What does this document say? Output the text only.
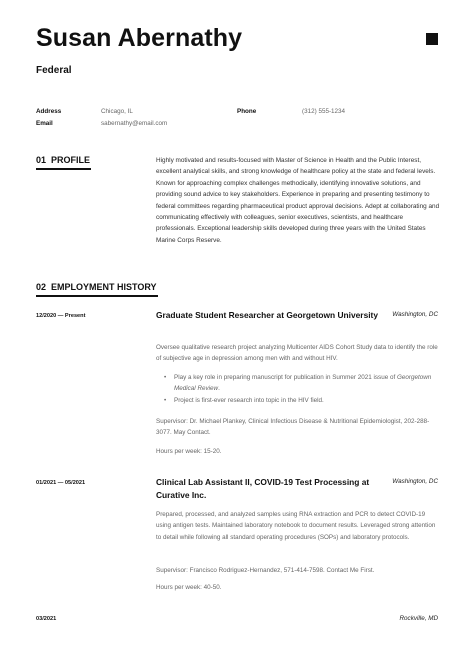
Susan Abernathy
Federal
Address	Chicago, IL	Phone	(312) 555-1234
Email	sabernathy@email.com
01 PROFILE	Highly motivated and results-focused with Master of Science in Health and the Public Interest, excellent analytical skills, and strong knowledge of healthcare policy at the state and federal levels. Known for approaching complex challenges methodically, identifying innovative solutions, and providing sound advice to key stakeholders. Experience in preparing and presenting testimony to federal committees regarding pharmaceutical product approval decisions. Adept at collaborating and communicating effectively with colleagues, senior executives, scientists, and healthcare professionals. Exceptional leadership skills developed during three years with the United States Marine Corps Reserve.
02 EMPLOYMENT HISTORY
12/2020 — Present	Graduate Student Researcher at Georgetown University	Washington, DC
Oversee qualitative research project analyzing Multicenter AIDS Cohort Study data to identify the role of subjective age in depression among men with and without HIV.
• Play a key role in preparing manuscript for publication in Summer 2021 issue of Georgetown Medical Review.
• Project is first-ever research into topic in the HIV field.
Supervisor: Dr. Michael Plankey, Clinical Infectious Disease & Nutritional Epidemiologist, 202-288-3077. May Contact.
Hours per week: 15-20.
01/2021 — 05/2021	Clinical Lab Assistant II, COVID-19 Test Processing at Curative Inc.
Washington, DC
Prepared, processed, and analyzed samples using RNA extraction and PCR to detect COVID-19 using antigen tests. Maintained laboratory notebook to document results. Leveraged strong attention to detail while following all standard operating procedures (SOPs) and laboratory protocols.
Supervisor: Francisco Rodriguez-Hernandez, 571-414-7598. Contact Me First.
Hours per week: 40-50.
03/2021	Rockville, MD
